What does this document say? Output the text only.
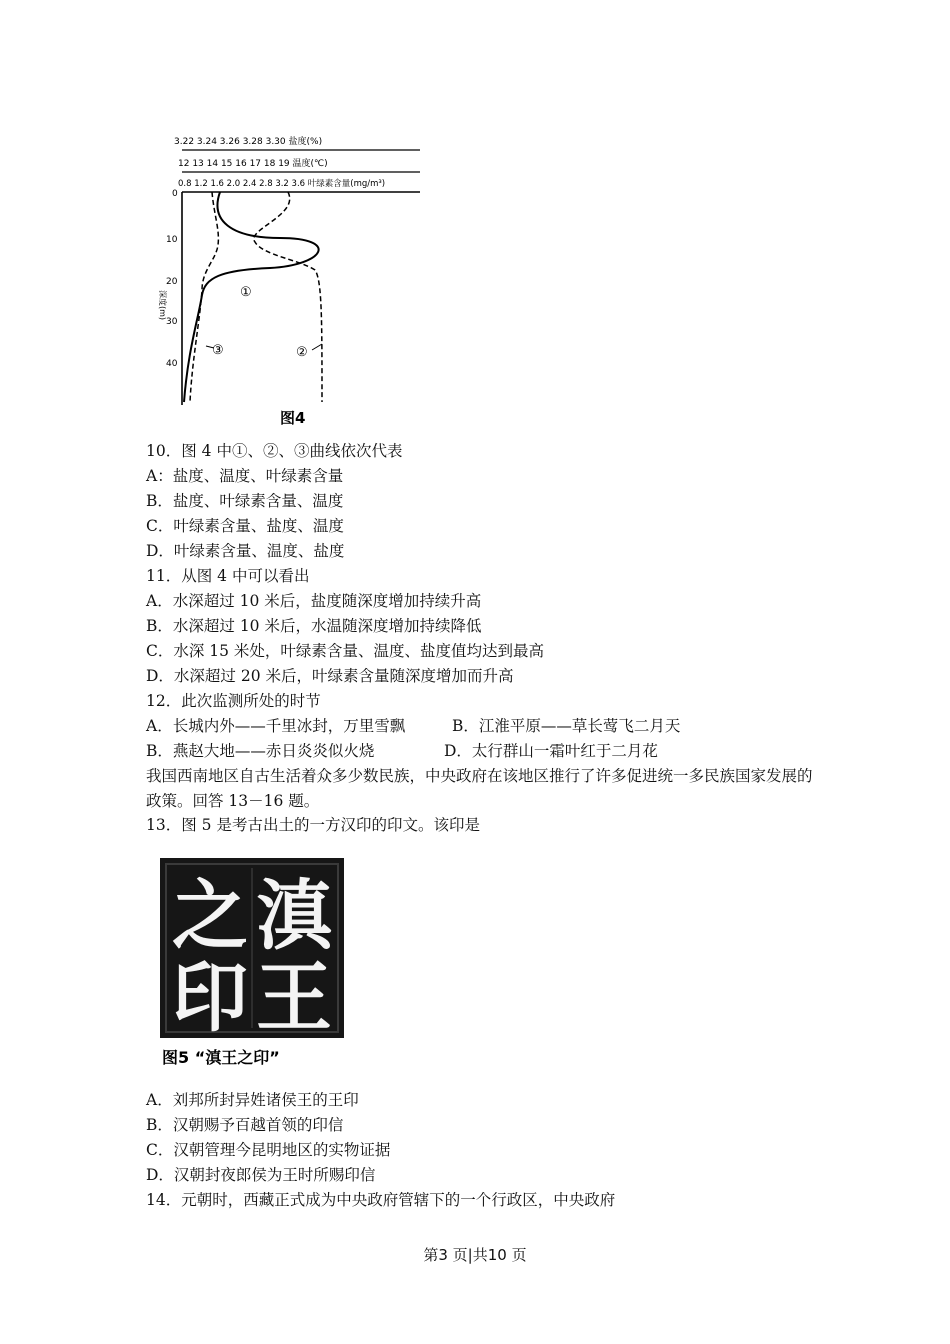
3.22 3.24 3.26 3.28 3.30 盐度(%)
12 13 14 15 16 17 18 19 温度(℃)
0.8 1.2 1.6 2.0 2.4 2.8 3.2 3.6 叶绿素含量(mg/m³)
0
10
20
30
40
深度(m)	①
②
③
图4
10．图 4 中①、②、③曲线依次代表
A：盐度、温度、叶绿素含量
B．盐度、叶绿素含量、温度
C．叶绿素含量、盐度、温度
D．叶绿素含量、温度、盐度
11．从图 4 中可以看出
A．水深超过 10 米后，盐度随深度增加持续升高
B．水深超过 10 米后，水温随深度增加持续降低
C．水深 15 米处，叶绿素含量、温度、盐度值均达到最高
D．水深超过 20 米后，叶绿素含量随深度增加而升高
12．此次监测所处的时节
A．长城内外——千里冰封，万里雪飘	B．江淮平原——草长莺飞二月天
B．燕赵大地——赤日炎炎似火烧	D．太行群山一霜叶红于二月花
我国西南地区自古生活着众多少数民族，中央政府在该地区推行了许多促进统一多民族国家发展的政策。回答 13－16 题。
13．图 5 是考古出土的一方汉印的印文。该印是
滇
王
之
印
图5 “滇王之印”
A．刘邦所封异姓诸侯王的王印
B．汉朝赐予百越首领的印信
C．汉朝管理今昆明地区的实物证据
D．汉朝封夜郎侯为王时所赐印信
14．元朝时，西藏正式成为中央政府管辖下的一个行政区，中央政府
第3 页|共10 页
